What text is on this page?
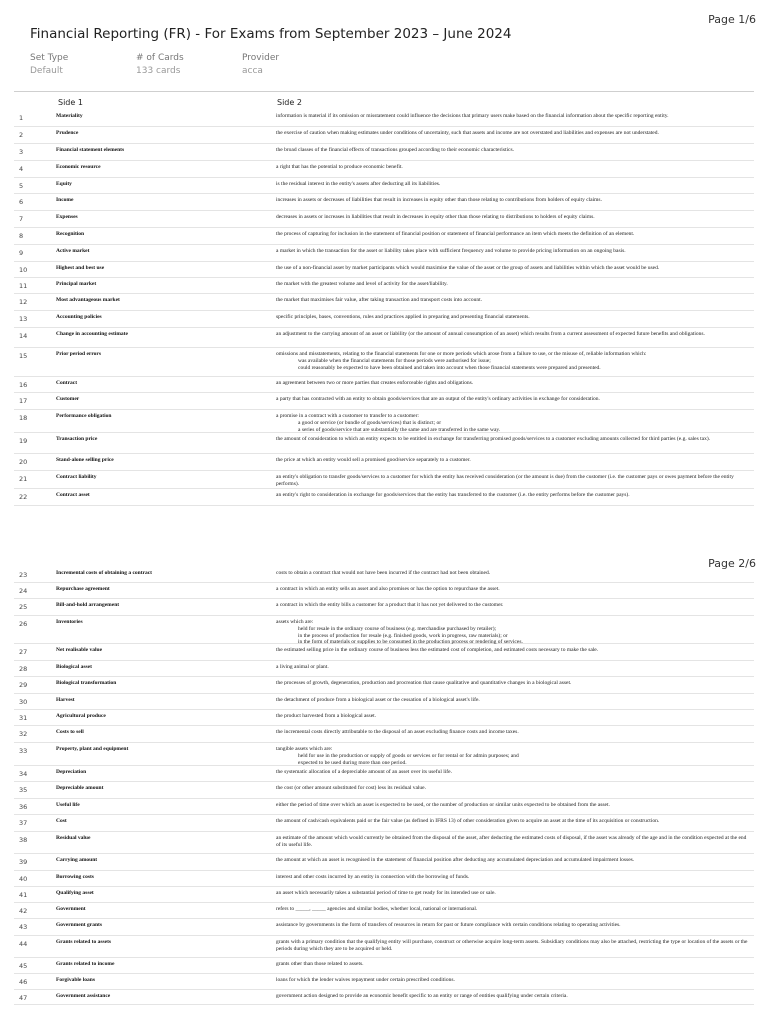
Page 1/6
Financial Reporting (FR) - For Exams from September 2023 – June 2024
Set Type
Default
# of Cards
133 cards
Provider
acca
Side 1	Side 2
1	Materiality	information is material if its omission or misstatement could influence the decisions that primary users make based on the financial information about the specific reporting entity.
2	Prudence	the exercise of caution when making estimates under conditions of uncertainty, such that assets and income are not overstated and liabilities and expenses are not understated.
3	Financial statement elements	the broad classes of the financial effects of transactions grouped according to their economic characteristics.
4	Economic resource	a right that has the potential to produce economic benefit.
5	Equity	is the residual interest in the entity's assets after deducting all its liabilities.
6	Income	increases in assets or decreases of liabilities that result in increases in equity other than those relating to contributions from holders of equity claims.
7	Expenses	decreases in assets or increases in liabilities that result in decreases in equity other than those relating to distributions to holders of equity claims.
8	Recognition	the process of capturing for inclusion in the statement of financial position or statement of financial performance an item which meets the definition of an element.
9	Active market	a market in which the transaction for the asset or liability takes place with sufficient frequency and volume to provide pricing information on an ongoing basis.
10	Highest and best use	the use of a non-financial asset by market participants which would maximise the value of the asset or the group of assets and liabilities within which the asset would be used.
11	Principal market	the market with the greatest volume and level of activity for the asset/liability.
12	Most advantageous market	the market that maximises fair value, after taking transaction and transport costs into account.
13	Accounting policies	specific principles, bases, conventions, rules and practices applied in preparing and presenting financial statements.
14	Change in accounting estimate	an adjustment to the carrying amount of an asset or liability (or the amount of annual consumption of an asset) which results from a current assessment of expected future benefits and obligations.
15	Prior period errors	omissions and misstatements, relating to the financial statements for one or more periods which arose from a failure to use, or the misuse of, reliable information which:
was available when the financial statements for those periods were authorised for issue;
could reasonably be expected to have been obtained and taken into account when those financial statements were prepared and presented.
16	Contract	an agreement between two or more parties that creates enforceable rights and obligations.
17	Customer	a party that has contracted with an entity to obtain goods/services that are an output of the entity's ordinary activities in exchange for consideration.
18	Performance obligation	a promise in a contract with a customer to transfer to a customer:
a good or service (or bundle of goods/services) that is distinct; or
a series of goods/service that are substantially the same and are transferred in the same way.
19	Transaction price	the amount of consideration to which an entity expects to be entitled in exchange for transferring promised goods/services to a customer excluding amounts collected for third parties (e.g. sales tax).
20	Stand-alone selling price	the price at which an entity would sell a promised good/service separately to a customer.
21	Contract liability	an entity's obligation to transfer goods/services to a customer for which the entity has received consideration (or the amount is due) from the customer (i.e. the customer pays or owes payment before the entity performs).
22	Contract asset	an entity's right to consideration in exchange for goods/services that the entity has transferred to the customer (i.e. the entity performs before the customer pays).
Page 2/6
23	Incremental costs of obtaining a contract	costs to obtain a contract that would not have been incurred if the contract had not been obtained.
24	Repurchase agreement	a contract in which an entity sells an asset and also promises or has the option to repurchase the asset.
25	Bill-and-hold arrangement	a contract in which the entity bills a customer for a product that it has not yet delivered to the customer.
26	Inventories	assets which are:
held for resale in the ordinary course of business (e.g. merchandise purchased by retailer);
in the process of production for resale (e.g. finished goods, work in progress, raw materials); or
in the form of materials or supplies to be consumed in the production process or rendering of services.
27	Net realisable value	the estimated selling price in the ordinary course of business less the estimated cost of completion, and estimated costs necessary to make the sale.
28	Biological asset	a living animal or plant.
29	Biological transformation	the processes of growth, degeneration, production and procreation that cause qualitative and quantitative changes in a biological asset.
30	Harvest	the detachment of produce from a biological asset or the cessation of a biological asset's life.
31	Agricultural produce	the product harvested from a biological asset.
32	Costs to sell	the incremental costs directly attributable to the disposal of an asset excluding finance costs and income taxes.
33	Property, plant and equipment	tangible assets which are:
held for use in the production or supply of goods or services or for rental or for admin purposes; and
expected to be used during more than one period.
34	Depreciation	the systematic allocation of a depreciable amount of an asset over its useful life.
35	Depreciable amount	the cost (or other amount substituted for cost) less its residual value.
36	Useful life	either the period of time over which an asset is expected to be used, or the number of production or similar units expected to be obtained from the asset.
37	Cost	the amount of cash/cash equivalents paid or the fair value (as defined in IFRS 13) of other consideration given to acquire an asset at the time of its acquisition or construction.
38	Residual value	an estimate of the amount which would currently be obtained from the disposal of the asset, after deducting the estimated costs of disposal, if the asset was already of the age and in the condition expected at the end of its useful life.
39	Carrying amount	the amount at which an asset is recognised in the statement of financial position after deducting any accumulated depreciation and accumulated impairment losses.
40	Borrowing costs	interest and other costs incurred by an entity in connection with the borrowing of funds.
41	Qualifying asset	an asset which necessarily takes a substantial period of time to get ready for its intended use or sale.
42	Government	refers to _____, _____ agencies and similar bodies, whether local, national or international.
43	Government grants	assistance by governments in the form of transfers of resources in return for past or future compliance with certain conditions relating to operating activities.
44	Grants related to assets	grants with a primary condition that the qualifying entity will purchase, construct or otherwise acquire long-term assets. Subsidiary conditions may also be attached, restricting the type or location of the assets or the periods during which they are to be acquired or held.
45	Grants related to income	grants other than those related to assets.
46	Forgivable loans	loans for which the lender waives repayment under certain prescribed conditions.
47	Government assistance	government action designed to provide an economic benefit specific to an entity or range of entities qualifying under certain criteria.
